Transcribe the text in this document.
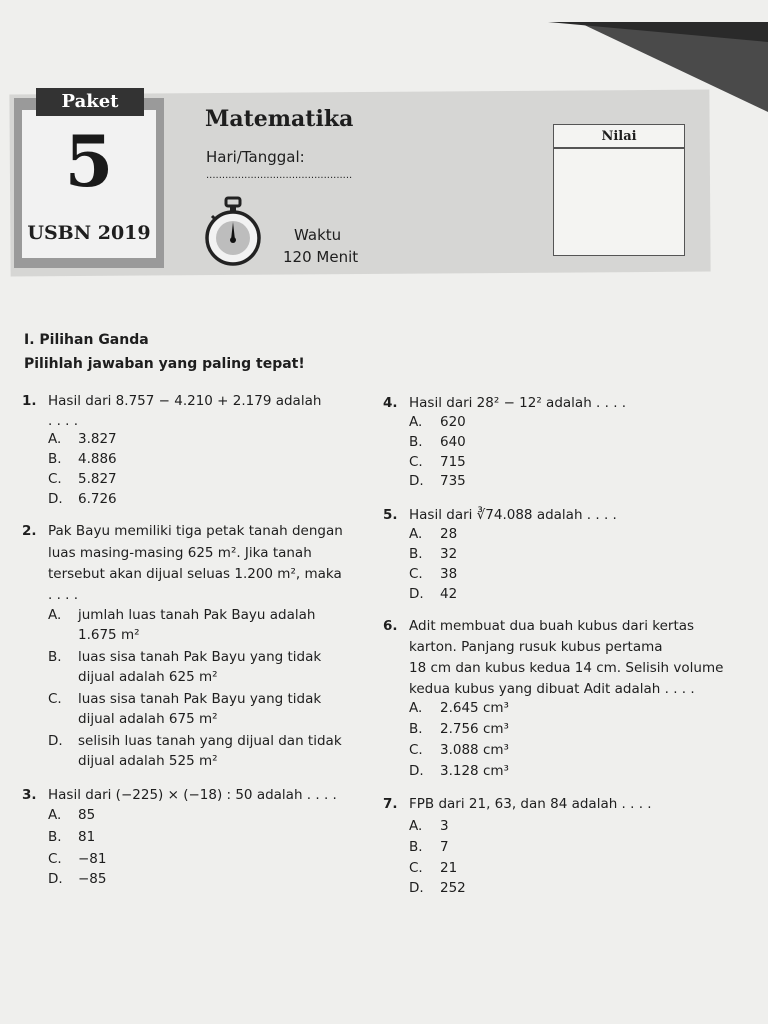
Paket
5
USBN 2019
Matematika
Hari/Tanggal:
..............................................
Waktu
120 Menit
Nilai
I. Pilihan Ganda
Pilihlah jawaban yang paling tepat!
1. Hasil dari 8.757 − 4.210 + 2.179 adalah
. . . .
A. 3.827
B. 4.886
C. 5.827
D. 6.726
2. Pak Bayu memiliki tiga petak tanah dengan
luas masing-masing 625 m². Jika tanah
tersebut akan dijual seluas 1.200 m², maka
. . . .
A. jumlah luas tanah Pak Bayu adalah
1.675 m²
B. luas sisa tanah Pak Bayu yang tidak
dijual adalah 625 m²
C. luas sisa tanah Pak Bayu yang tidak
dijual adalah 675 m²
D. selisih luas tanah yang dijual dan tidak
dijual adalah 525 m²
3. Hasil dari (−225) × (−18) : 50 adalah . . . .
A. 85
B. 81
C. −81
D. −85
4. Hasil dari 28² − 12² adalah . . . .
A. 620
B. 640
C. 715
D. 735
5. Hasil dari ∛74.088 adalah . . . .
A. 28
B. 32
C. 38
D. 42
6. Adit membuat dua buah kubus dari kertas
karton. Panjang rusuk kubus pertama
18 cm dan kubus kedua 14 cm. Selisih volume
kedua kubus yang dibuat Adit adalah . . . .
A. 2.645 cm³
B. 2.756 cm³
C. 3.088 cm³
D. 3.128 cm³
7. FPB dari 21, 63, dan 84 adalah . . . .
A. 3
B. 7
C. 21
D. 252
